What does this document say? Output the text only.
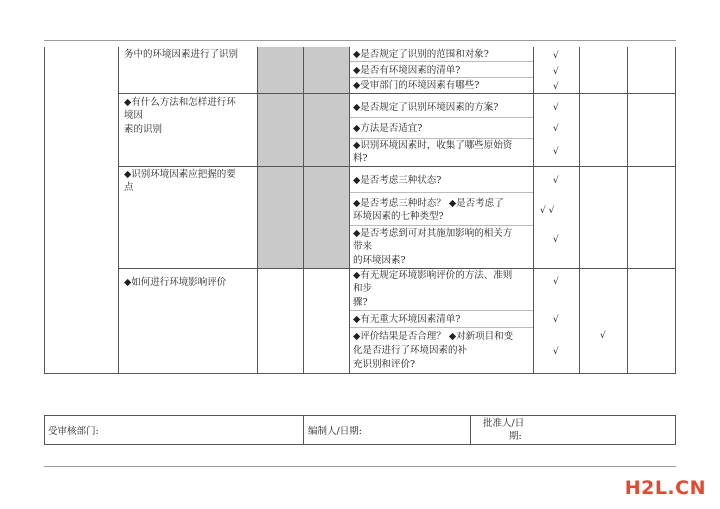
务中的环境因素进行了识别	◆是否规定了识别的范围和对象?
◆是否有环境因素的清单?
◆受审部门的环境因素有哪些?
√
√
√
◆有什么方法和怎样进行环
境因
素的识别
◆是否规定了识别环境因素的方案?
◆方法是否适宜?
◆识别环境因素时，收集了哪些原始资
料?
√
√
√
◆识别环境因素应把握的要
点
◆是否考虑三种状态?
◆是否考虑三种时态？ ◆是否考虑了
环境因素的七种类型?
◆是否考虑到可对其施加影响的相关方
带来
的环境因素?
√
√ √
√
◆如何进行环境影响评价
◆有无规定环境影响评价的方法、准则
和步
骤?
◆有无重大环境因素清单?
◆评价结果是否合理？ ◆对新项目和变
化是否进行了环境因素的补
充识别和评价?
√
√
√
√
受审核部门:	编制人/日期:
批准人/日
期:
H2L.CN
